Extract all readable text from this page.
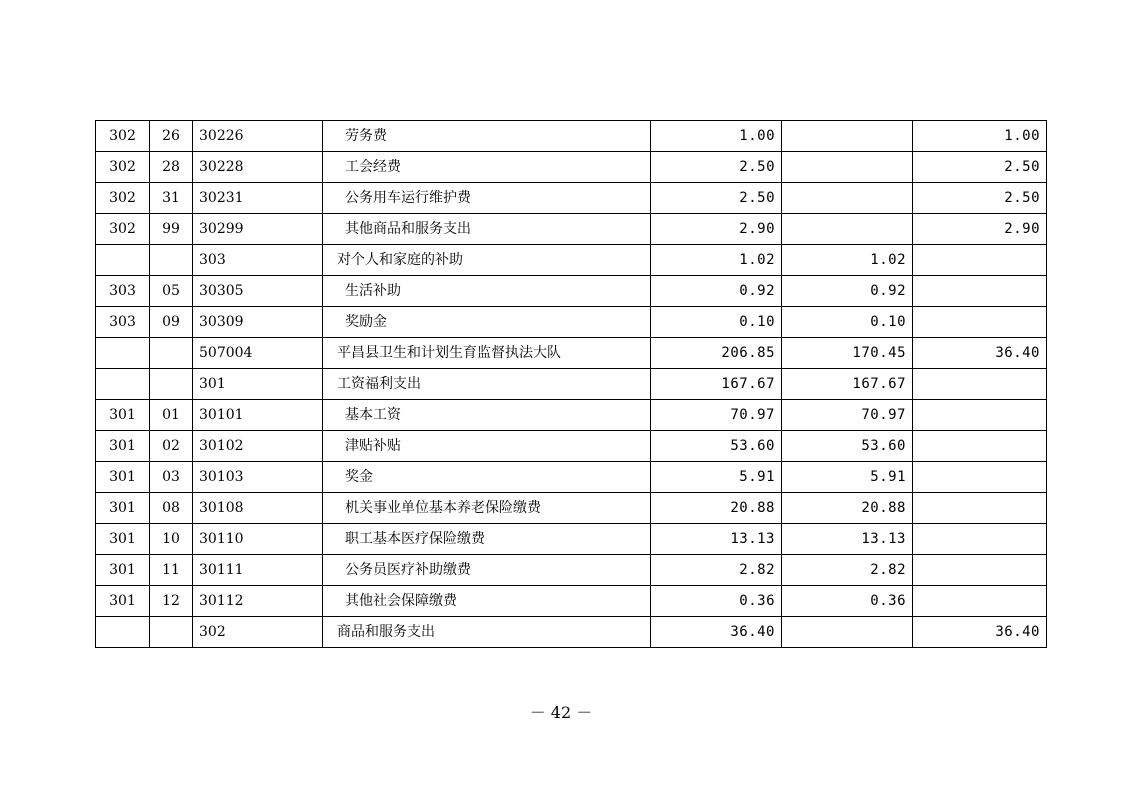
302	26	30226	劳务费	1.00		1.00
302	28	30228	工会经费	2.50		2.50
302	31	30231	公务用车运行维护费	2.50		2.50
302	99	30299	其他商品和服务支出	2.90		2.90
		303	对个人和家庭的补助	1.02	1.02	
303	05	30305	生活补助	0.92	0.92	
303	09	30309	奖励金	0.10	0.10	
		507004	平昌县卫生和计划生育监督执法大队	206.85	170.45	36.40
		301	工资福利支出	167.67	167.67	
301	01	30101	基本工资	70.97	70.97	
301	02	30102	津贴补贴	53.60	53.60	
301	03	30103	奖金	5.91	5.91	
301	08	30108	机关事业单位基本养老保险缴费	20.88	20.88	
301	10	30110	职工基本医疗保险缴费	13.13	13.13	
301	11	30111	公务员医疗补助缴费	2.82	2.82	
301	12	30112	其他社会保障缴费	0.36	0.36	
		302	商品和服务支出	36.40		36.40
－ 42 －
